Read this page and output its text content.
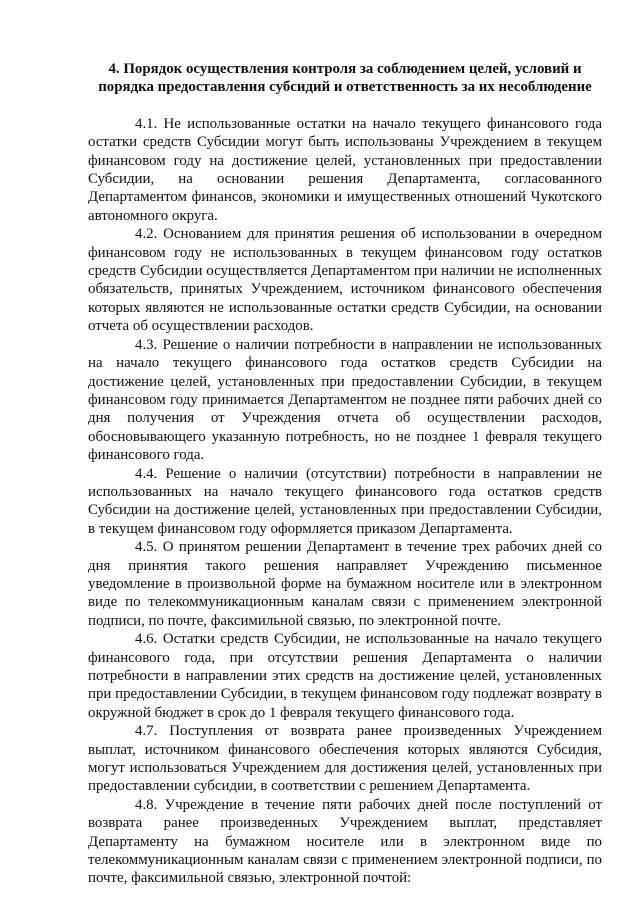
4. Порядок осуществления контроля за соблюдением целей, условий и порядка предоставления субсидий и ответственность за их несоблюдение

4.1. Не использованные остатки на начало текущего финансового года остатки средств Субсидии могут быть использованы Учреждением в текущем финансовом году на достижение целей, установленных при предоставлении Субсидии, на основании решения Департамента, согласованного Департаментом финансов, экономики и имущественных отношений Чукотского автономного округа.

4.2. Основанием для принятия решения об использовании в очередном финансовом году не использованных в текущем финансовом году остатков средств Субсидии осуществляется Департаментом при наличии не исполненных обязательств, принятых Учреждением, источником финансового обеспечения которых являются не использованные остатки средств Субсидии, на основании отчета об осуществлении расходов.

4.3. Решение о наличии потребности в направлении не использованных на начало текущего финансового года остатков средств Субсидии на достижение целей, установленных при предоставлении Субсидии, в текущем финансовом году принимается Департаментом не позднее пяти рабочих дней со дня получения от Учреждения отчета об осуществлении расходов, обосновывающего указанную потребность, но не позднее 1 февраля текущего финансового года.

4.4. Решение о наличии (отсутствии) потребности в направлении не использованных на начало текущего финансового года остатков средств Субсидии на достижение целей, установленных при предоставлении Субсидии, в текущем финансовом году оформляется приказом Департамента.

4.5. О принятом решении Департамент в течение трех рабочих дней со дня принятия такого решения направляет Учреждению письменное уведомление в произвольной форме на бумажном носителе или в электронном виде по телекоммуникационным каналам связи с применением электронной подписи, по почте, факсимильной связью, по электронной почте.

4.6. Остатки средств Субсидии, не использованные на начало текущего финансового года, при отсутствии решения Департамента о наличии потребности в направлении этих средств на достижение целей, установленных при предоставлении Субсидии, в текущем финансовом году подлежат возврату в окружной бюджет в срок до 1 февраля текущего финансового года.

4.7. Поступления от возврата ранее произведенных Учреждением выплат, источником финансового обеспечения которых являются Субсидия, могут использоваться Учреждением для достижения целей, установленных при предоставлении субсидии, в соответствии с решением Департамента.

4.8. Учреждение в течение пяти рабочих дней после поступлений от возврата ранее произведенных Учреждением выплат, представляет Департаменту на бумажном носителе или в электронном виде по телекоммуникационным каналам связи с применением электронной подписи, по почте, факсимильной связью, электронной почтой:
